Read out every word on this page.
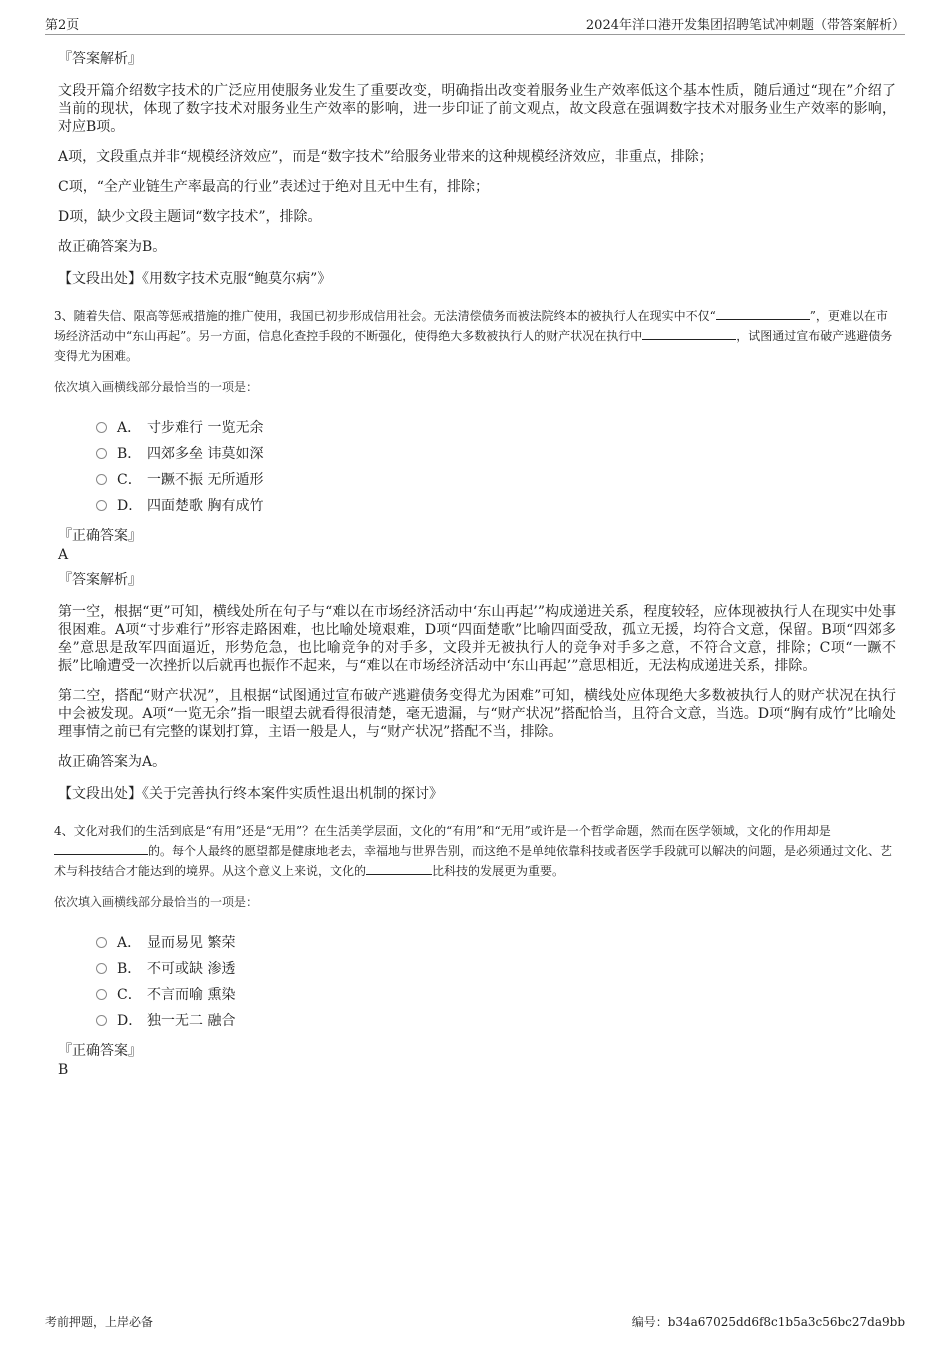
第2页	2024年洋口港开发集团招聘笔试冲刺题（带答案解析）
『答案解析』

文段开篇介绍数字技术的广泛应用使服务业发生了重要改变，明确指出改变着服务业生产效率低这个基本性质，随后通过“现在”介绍了当前的现状，体现了数字技术对服务业生产效率的影响，进一步印证了前文观点，故文段意在强调数字技术对服务业生产效率的影响，对应B项。

A项，文段重点并非“规模经济效应”，而是“数字技术”给服务业带来的这种规模经济效应，非重点，排除；

C项，“全产业链生产率最高的行业”表述过于绝对且无中生有，排除；

D项，缺少文段主题词“数字技术”，排除。

故正确答案为B。

【文段出处】《用数字技术克服“鲍莫尔病”》
3、随着失信、限高等惩戒措施的推广使用，我国已初步形成信用社会。无法清偿债务而被法院终本的被执行人在现实中不仅“	”，更难以在市场经济活动中“东山再起”。另一方面，信息化查控手段的不断强化，使得绝大多数被执行人的财产状况在执行中	，试图通过宣布破产逃避债务变得尤为困难。
依次填入画横线部分最恰当的一项是：
A． 寸步难行 一览无余
B． 四郊多垒 讳莫如深
C． 一蹶不振 无所遁形
D． 四面楚歌 胸有成竹
『正确答案』
A
『答案解析』

第一空，根据“更”可知，横线处所在句子与“难以在市场经济活动中‘东山再起’”构成递进关系，程度较轻，应体现被执行人在现实中处事很困难。A项“寸步难行”形容走路困难，也比喻处境艰难，D项“四面楚歌”比喻四面受敌，孤立无援，均符合文意，保留。B项“四郊多垒”意思是敌军四面逼近，形势危急，也比喻竞争的对手多，文段并无被执行人的竞争对手多之意，不符合文意，排除；C项“一蹶不振”比喻遭受一次挫折以后就再也振作不起来，与“难以在市场经济活动中‘东山再起’”意思相近，无法构成递进关系，排除。

第二空，搭配“财产状况”，且根据“试图通过宣布破产逃避债务变得尤为困难”可知，横线处应体现绝大多数被执行人的财产状况在执行中会被发现。A项“一览无余”指一眼望去就看得很清楚，毫无遗漏，与“财产状况”搭配恰当，且符合文意，当选。D项“胸有成竹”比喻处理事情之前已有完整的谋划打算，主语一般是人，与“财产状况”搭配不当，排除。

故正确答案为A。

【文段出处】《关于完善执行终本案件实质性退出机制的探讨》
4、文化对我们的生活到底是“有用”还是“无用”？在生活美学层面，文化的“有用”和“无用”或许是一个哲学命题，然而在医学领域，文化的作用却是的。每个人最终的愿望都是健康地老去，幸福地与世界告别，而这绝不是单纯依靠科技或者医学手段就可以解决的问题，是必须通过文化、艺术与科技结合才能达到的境界。从这个意义上来说，文化的	比科技的发展更为重要。
依次填入画横线部分最恰当的一项是：
A． 显而易见 繁荣
B． 不可或缺 渗透
C． 不言而喻 熏染
D． 独一无二 融合
『正确答案』
B
考前押题，上岸必备	编号：b34a67025dd6f8c1b5a3c56bc27da9bb
